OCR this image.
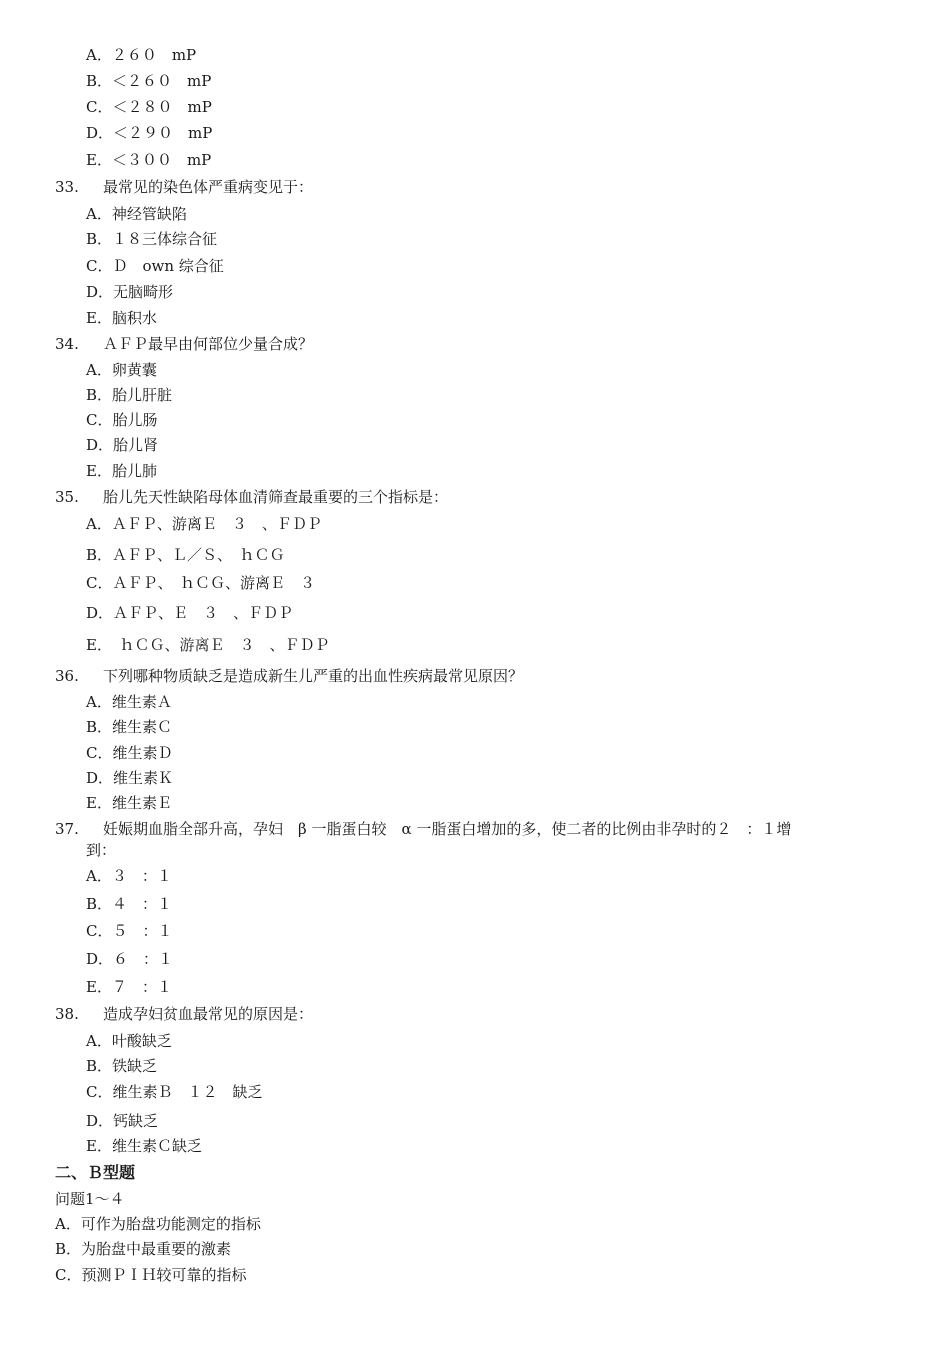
A．２６０　mP
B．＜２６０　mP
C．＜２８０　mP
D．＜２９０　mP
E．＜３００　mP
33. 最常见的染色体严重病变见于：
A．神经管缺陷
B．１８三体综合征
C．Ｄ　own 综合征
D．无脑畸形
E．脑积水
34. ＡＦＰ最早由何部位少量合成？
A．卵黄囊
B．胎儿肝脏
C．胎儿肠
D．胎儿肾
E．胎儿肺
35. 胎儿先天性缺陷母体血清筛查最重要的三个指标是：
A．ＡＦＰ、游离Ｅ　３　、ＦＤＰ
B．ＡＦＰ、Ｌ／Ｓ、　ｈＣＧ
C．ＡＦＰ、　ｈＣＧ、游离Ｅ　３
D．ＡＦＰ、Ｅ　３　、ＦＤＰ
E．　ｈＣＧ、游离Ｅ　３　、ＦＤＰ
36. 下列哪种物质缺乏是造成新生儿严重的出血性疾病最常见原因？
A．维生素Ａ
B．维生素Ｃ
C．维生素Ｄ
D．维生素Ｋ
E．维生素Ｅ
37. 妊娠期血脂全部升高，孕妇　β 一脂蛋白较　α 一脂蛋白增加的多，使二者的比例由非孕时的２　：１增
到：
A．３　：１
B．４　：１
C．５　：１
D．６　：１
E．７　：１
38. 造成孕妇贫血最常见的原因是：
A．叶酸缺乏
B．铁缺乏
C．维生素Ｂ　１２　缺乏
D．钙缺乏
E．维生素Ｃ缺乏
二、Ｂ型题
问题1～４
A．可作为胎盘功能测定的指标
B．为胎盘中最重要的激素
C．预测ＰＩＨ较可靠的指标
